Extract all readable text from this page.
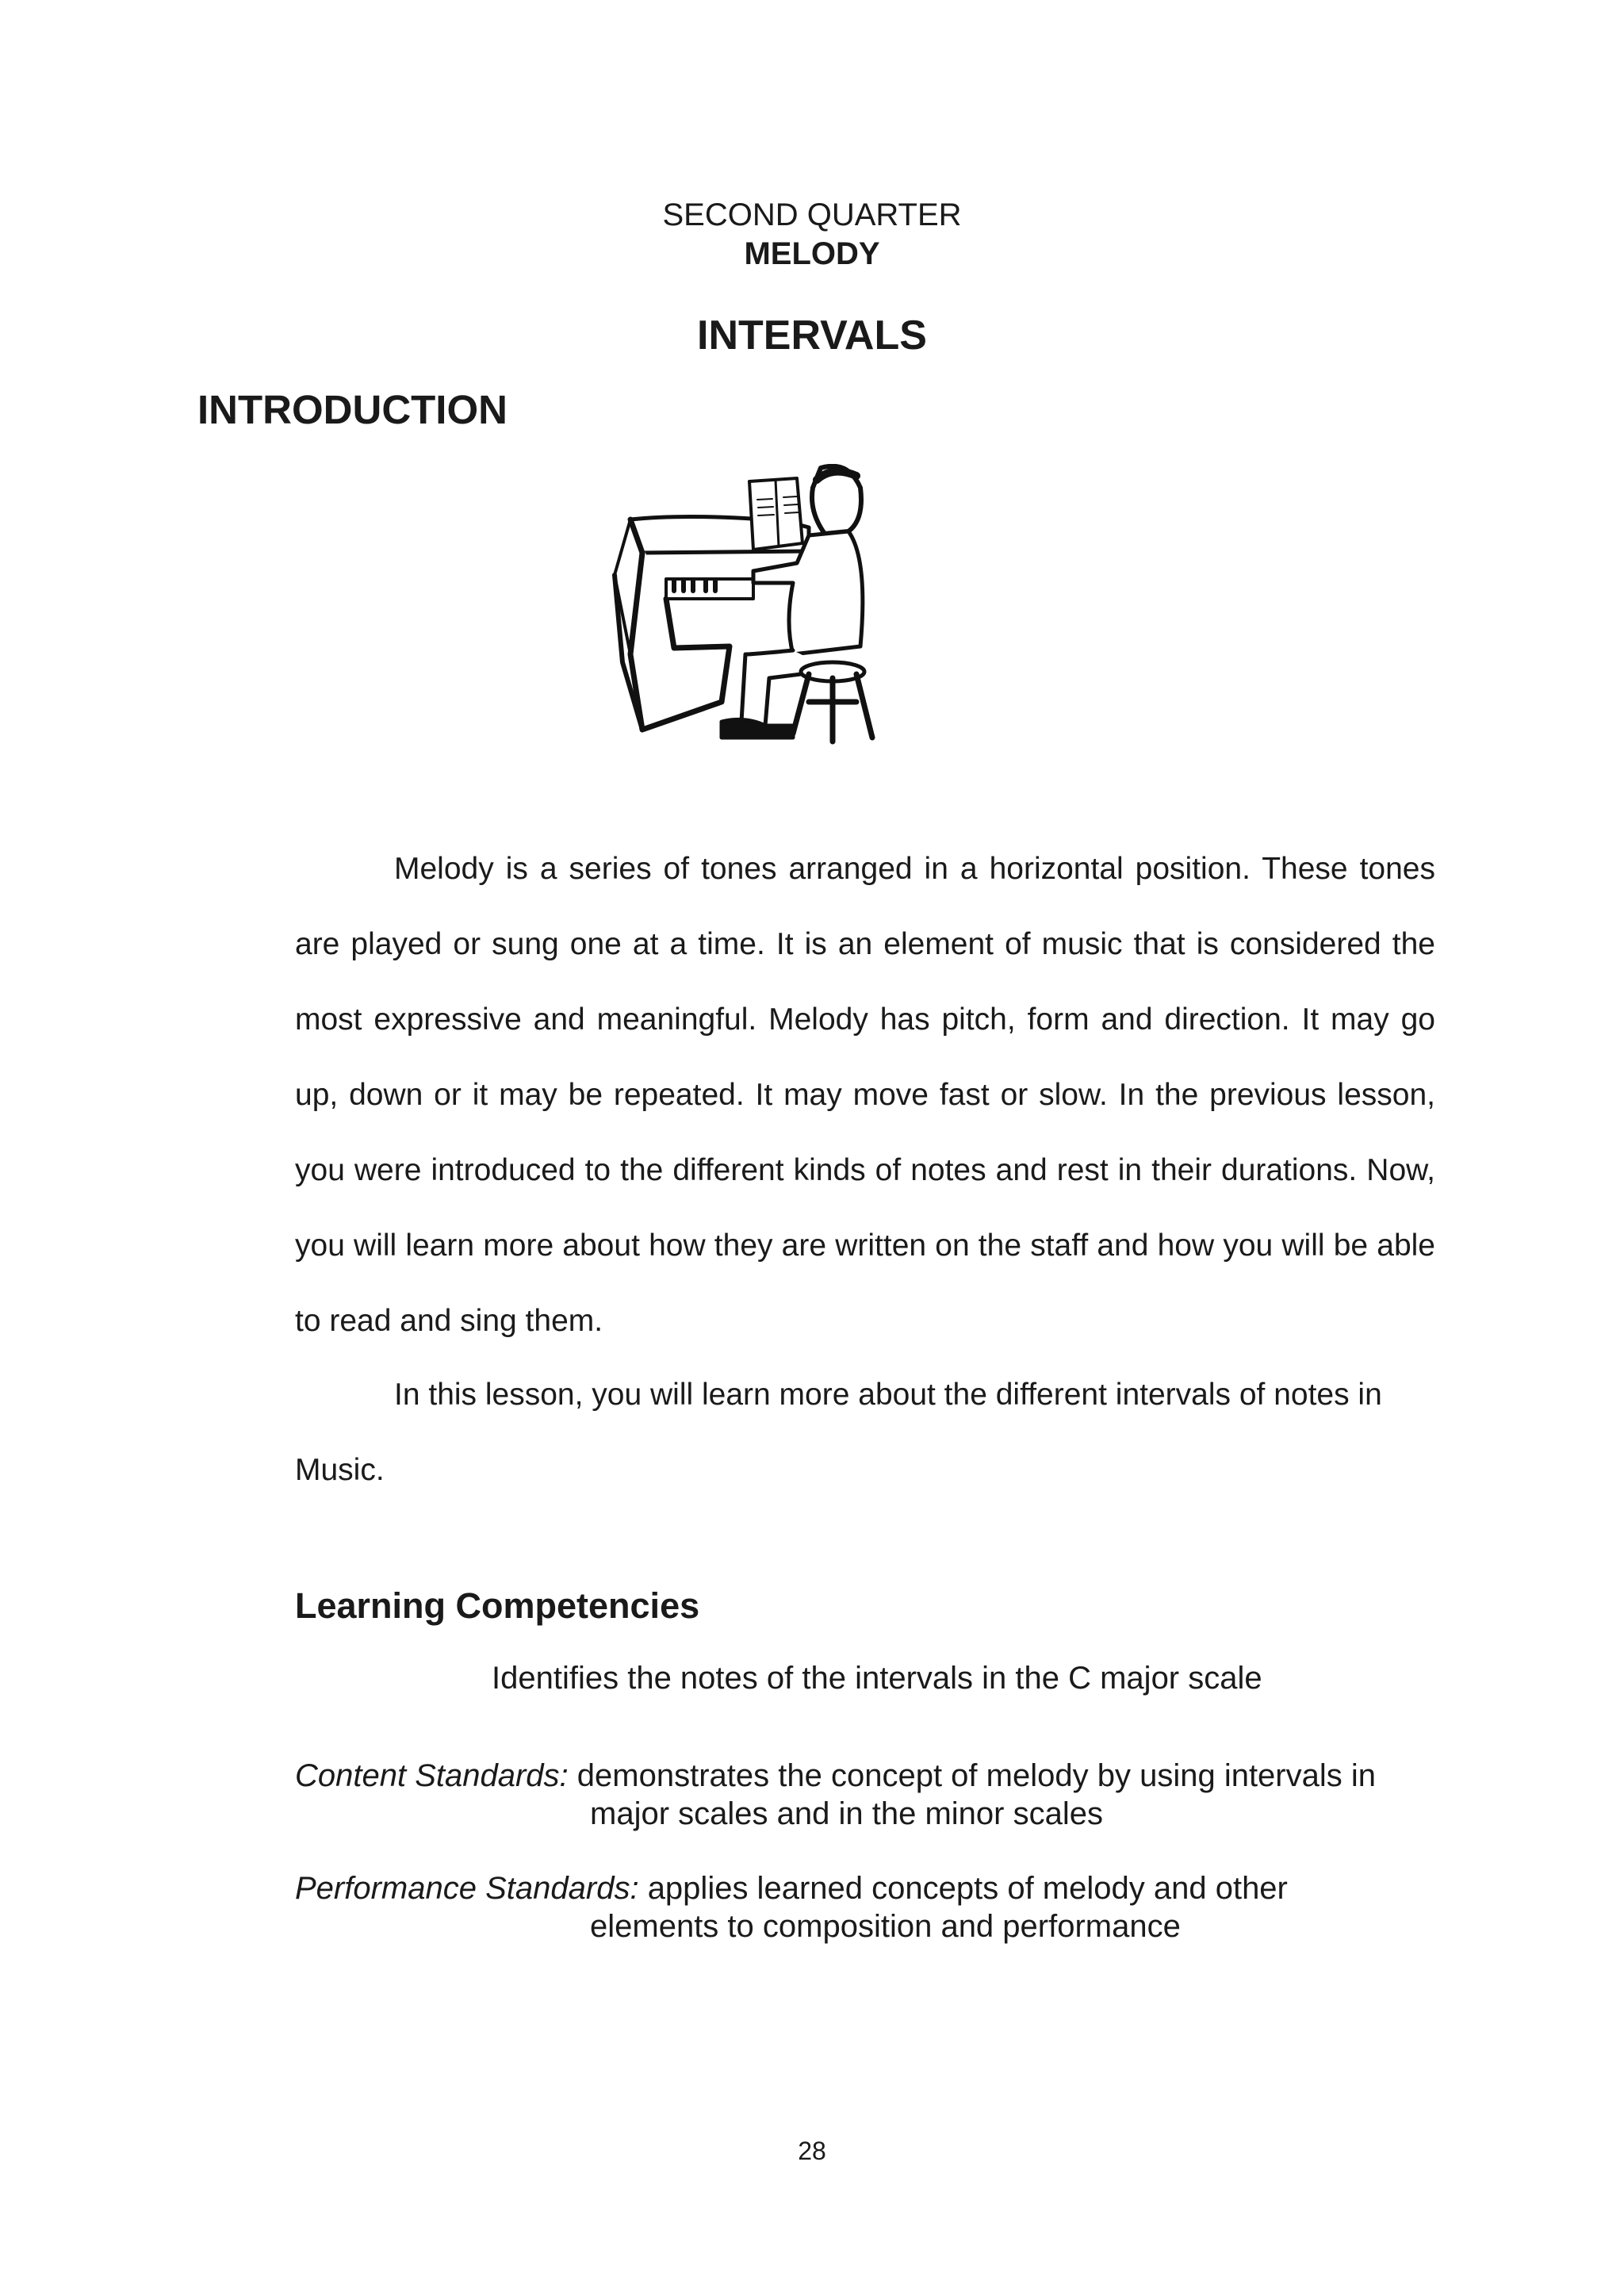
SECOND QUARTER
MELODY
INTERVALS
INTRODUCTION

Melody is a series of tones arranged in a horizontal position. These tones are played or sung one at a time. It is an element of music that is considered the most expressive and meaningful. Melody has pitch, form and direction. It may go up, down or it may be repeated. It may move fast or slow. In the previous lesson, you were introduced to the different kinds of notes and rest in their durations. Now, you will learn more about how they are written on the staff and how you will be able to read and sing them.

In this lesson, you will learn more about the different intervals of notes in Music.

Learning Competencies
Identifies the notes of the intervals in the C major scale
Content Standards: demonstrates the concept of melody by using intervals in
major scales and in the minor scales
Performance Standards: applies learned concepts of melody and other
elements to composition and performance
28
